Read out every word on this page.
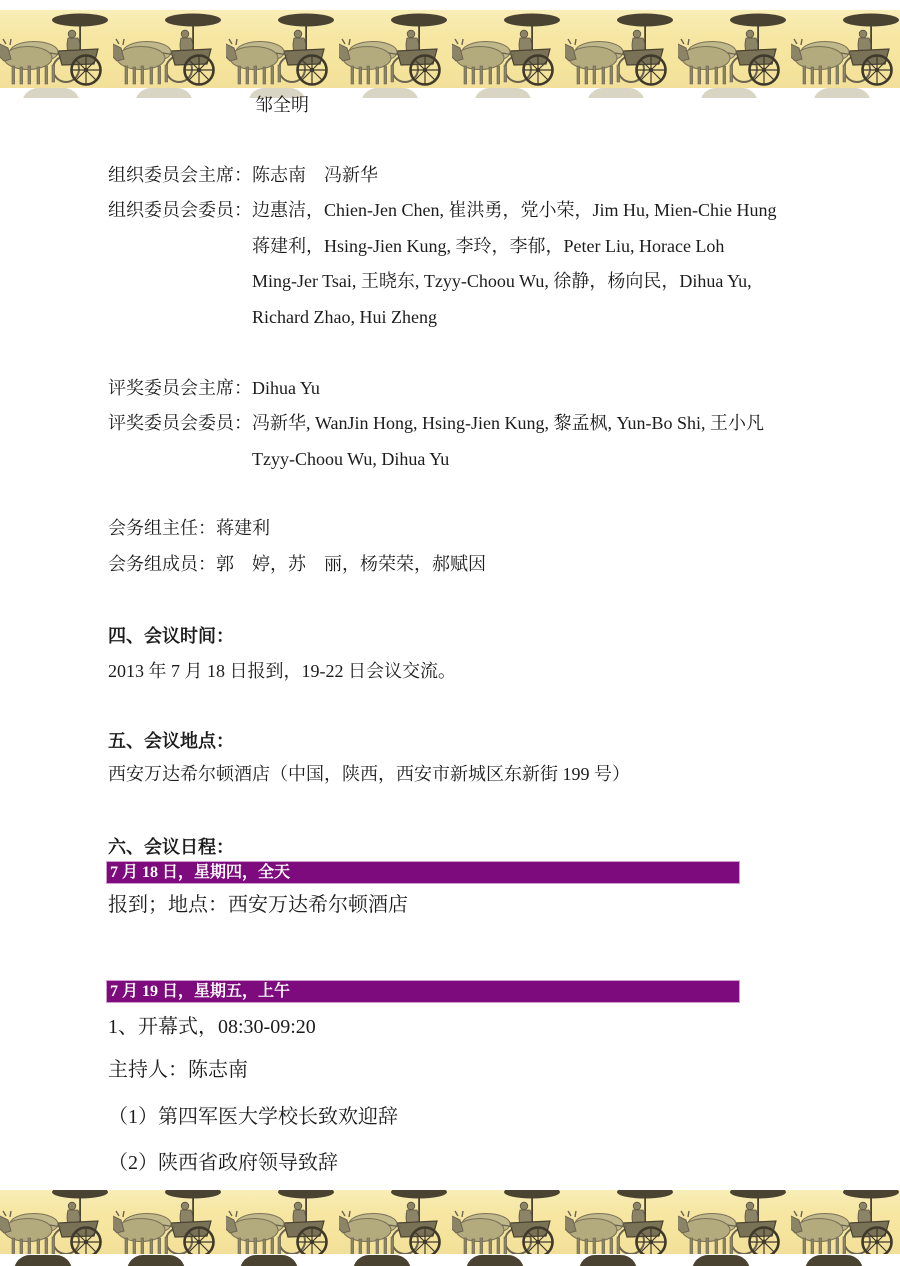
邹全明
组织委员会主席： 陈志南　冯新华
组织委员会委员： 边惠洁，Chien-Jen Chen, 崔洪勇，党小荣，Jim Hu, Mien-Chie Hung
蒋建利，Hsing-Jien Kung, 李玲，李郁，Peter Liu, Horace Loh
Ming-Jer Tsai, 王晓东, Tzyy-Choou Wu, 徐静，杨向民，Dihua Yu,
Richard Zhao, Hui Zheng
评奖委员会主席： Dihua Yu
评奖委员会委员： 冯新华, WanJin Hong, Hsing-Jien Kung, 黎孟枫, Yun-Bo Shi, 王小凡
Tzyy-Choou Wu, Dihua Yu
会务组主任： 蒋建利
会务组成员： 郭　婷，苏　丽，杨荣荣，郝赋因
四、会议时间：
2013 年 7 月 18 日报到，19-22 日会议交流。
五、会议地点：
西安万达希尔顿酒店（中国，陕西，西安市新城区东新街 199 号）
六、会议日程：
7 月 18 日，星期四，全天
报到；地点：西安万达希尔顿酒店
7 月 19 日，星期五，上午
1、开幕式，08:30-09:20
主持人：陈志南
（1）第四军医大学校长致欢迎辞
（2）陕西省政府领导致辞
